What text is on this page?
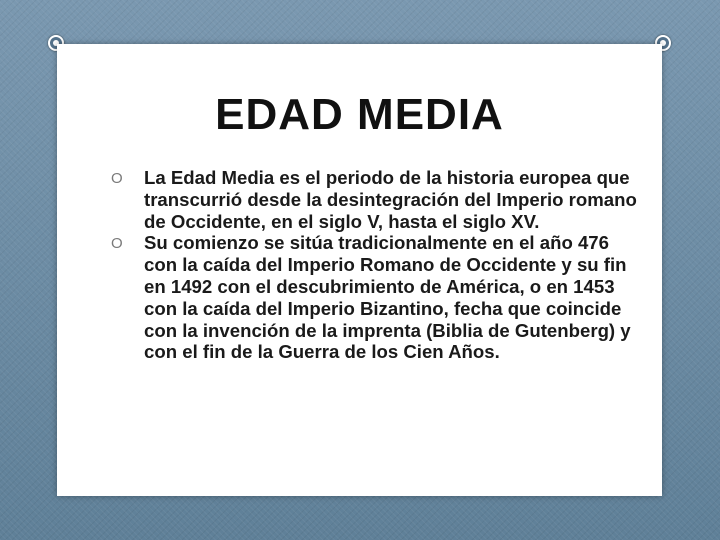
EDAD MEDIA
O La Edad Media es el periodo de la historia europea que transcurrió desde la desintegración del Imperio romano de Occidente, en el siglo V, hasta el siglo XV.
O Su comienzo se sitúa tradicionalmente en el año 476 con la caída del Imperio Romano de Occidente y su fin en 1492 con el descubrimiento de América, o en 1453 con la caída del Imperio Bizantino, fecha que coincide con la invención de la imprenta (Biblia de Gutenberg) y con el fin de la Guerra de los Cien Años.
